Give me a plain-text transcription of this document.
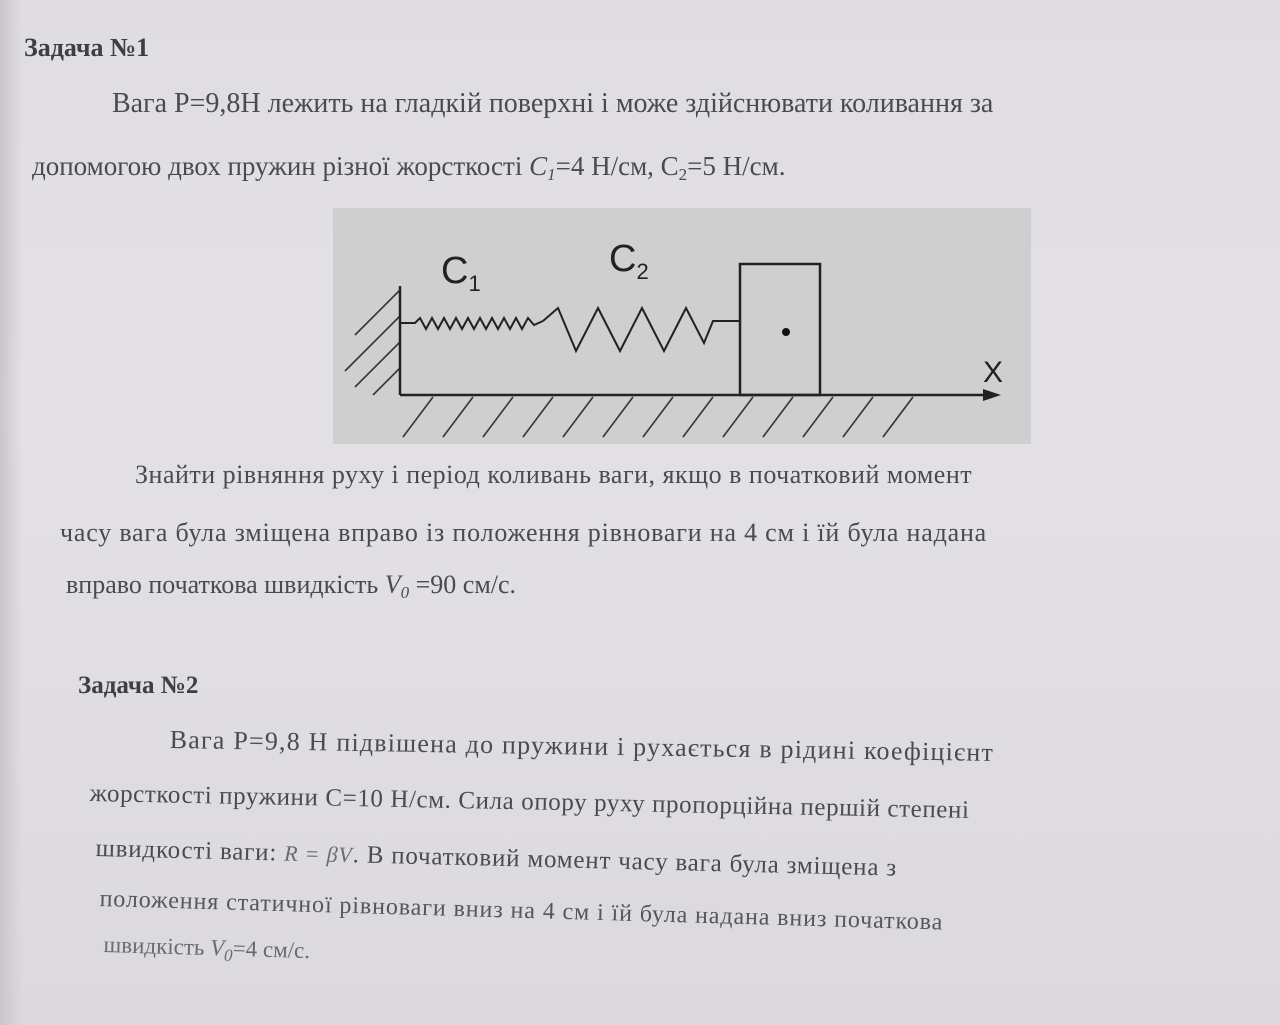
Задача №1
Вага Р=9,8Н лежить на гладкій поверхні і може здійснювати коливання за
допомогою двох пружин різної жорсткості $C_1=4$ Н/см, C2=5 Н/см.
$C_1$
$C_2$
X
Знайти рівняння руху і період коливань ваги, якщо в початковий момент
часу вага була зміщена вправо із положення рівноваги на 4 см і їй була надана
вправо початкова швидкість $V_0 =90$ см/с.
Задача №2
Вага Р=9,8 Н підвішена до пружини і рухається в рідині коефіцієнт
жорсткості пружини С=10 Н/см. Сила опору руху пропорційна першій степені
швидкості ваги: R = βV. В початковий момент часу вага була зміщена з
положення статичної рівноваги вниз на 4 см і їй була надана вниз початкова
швидкість $V_0=4$ см/с.
